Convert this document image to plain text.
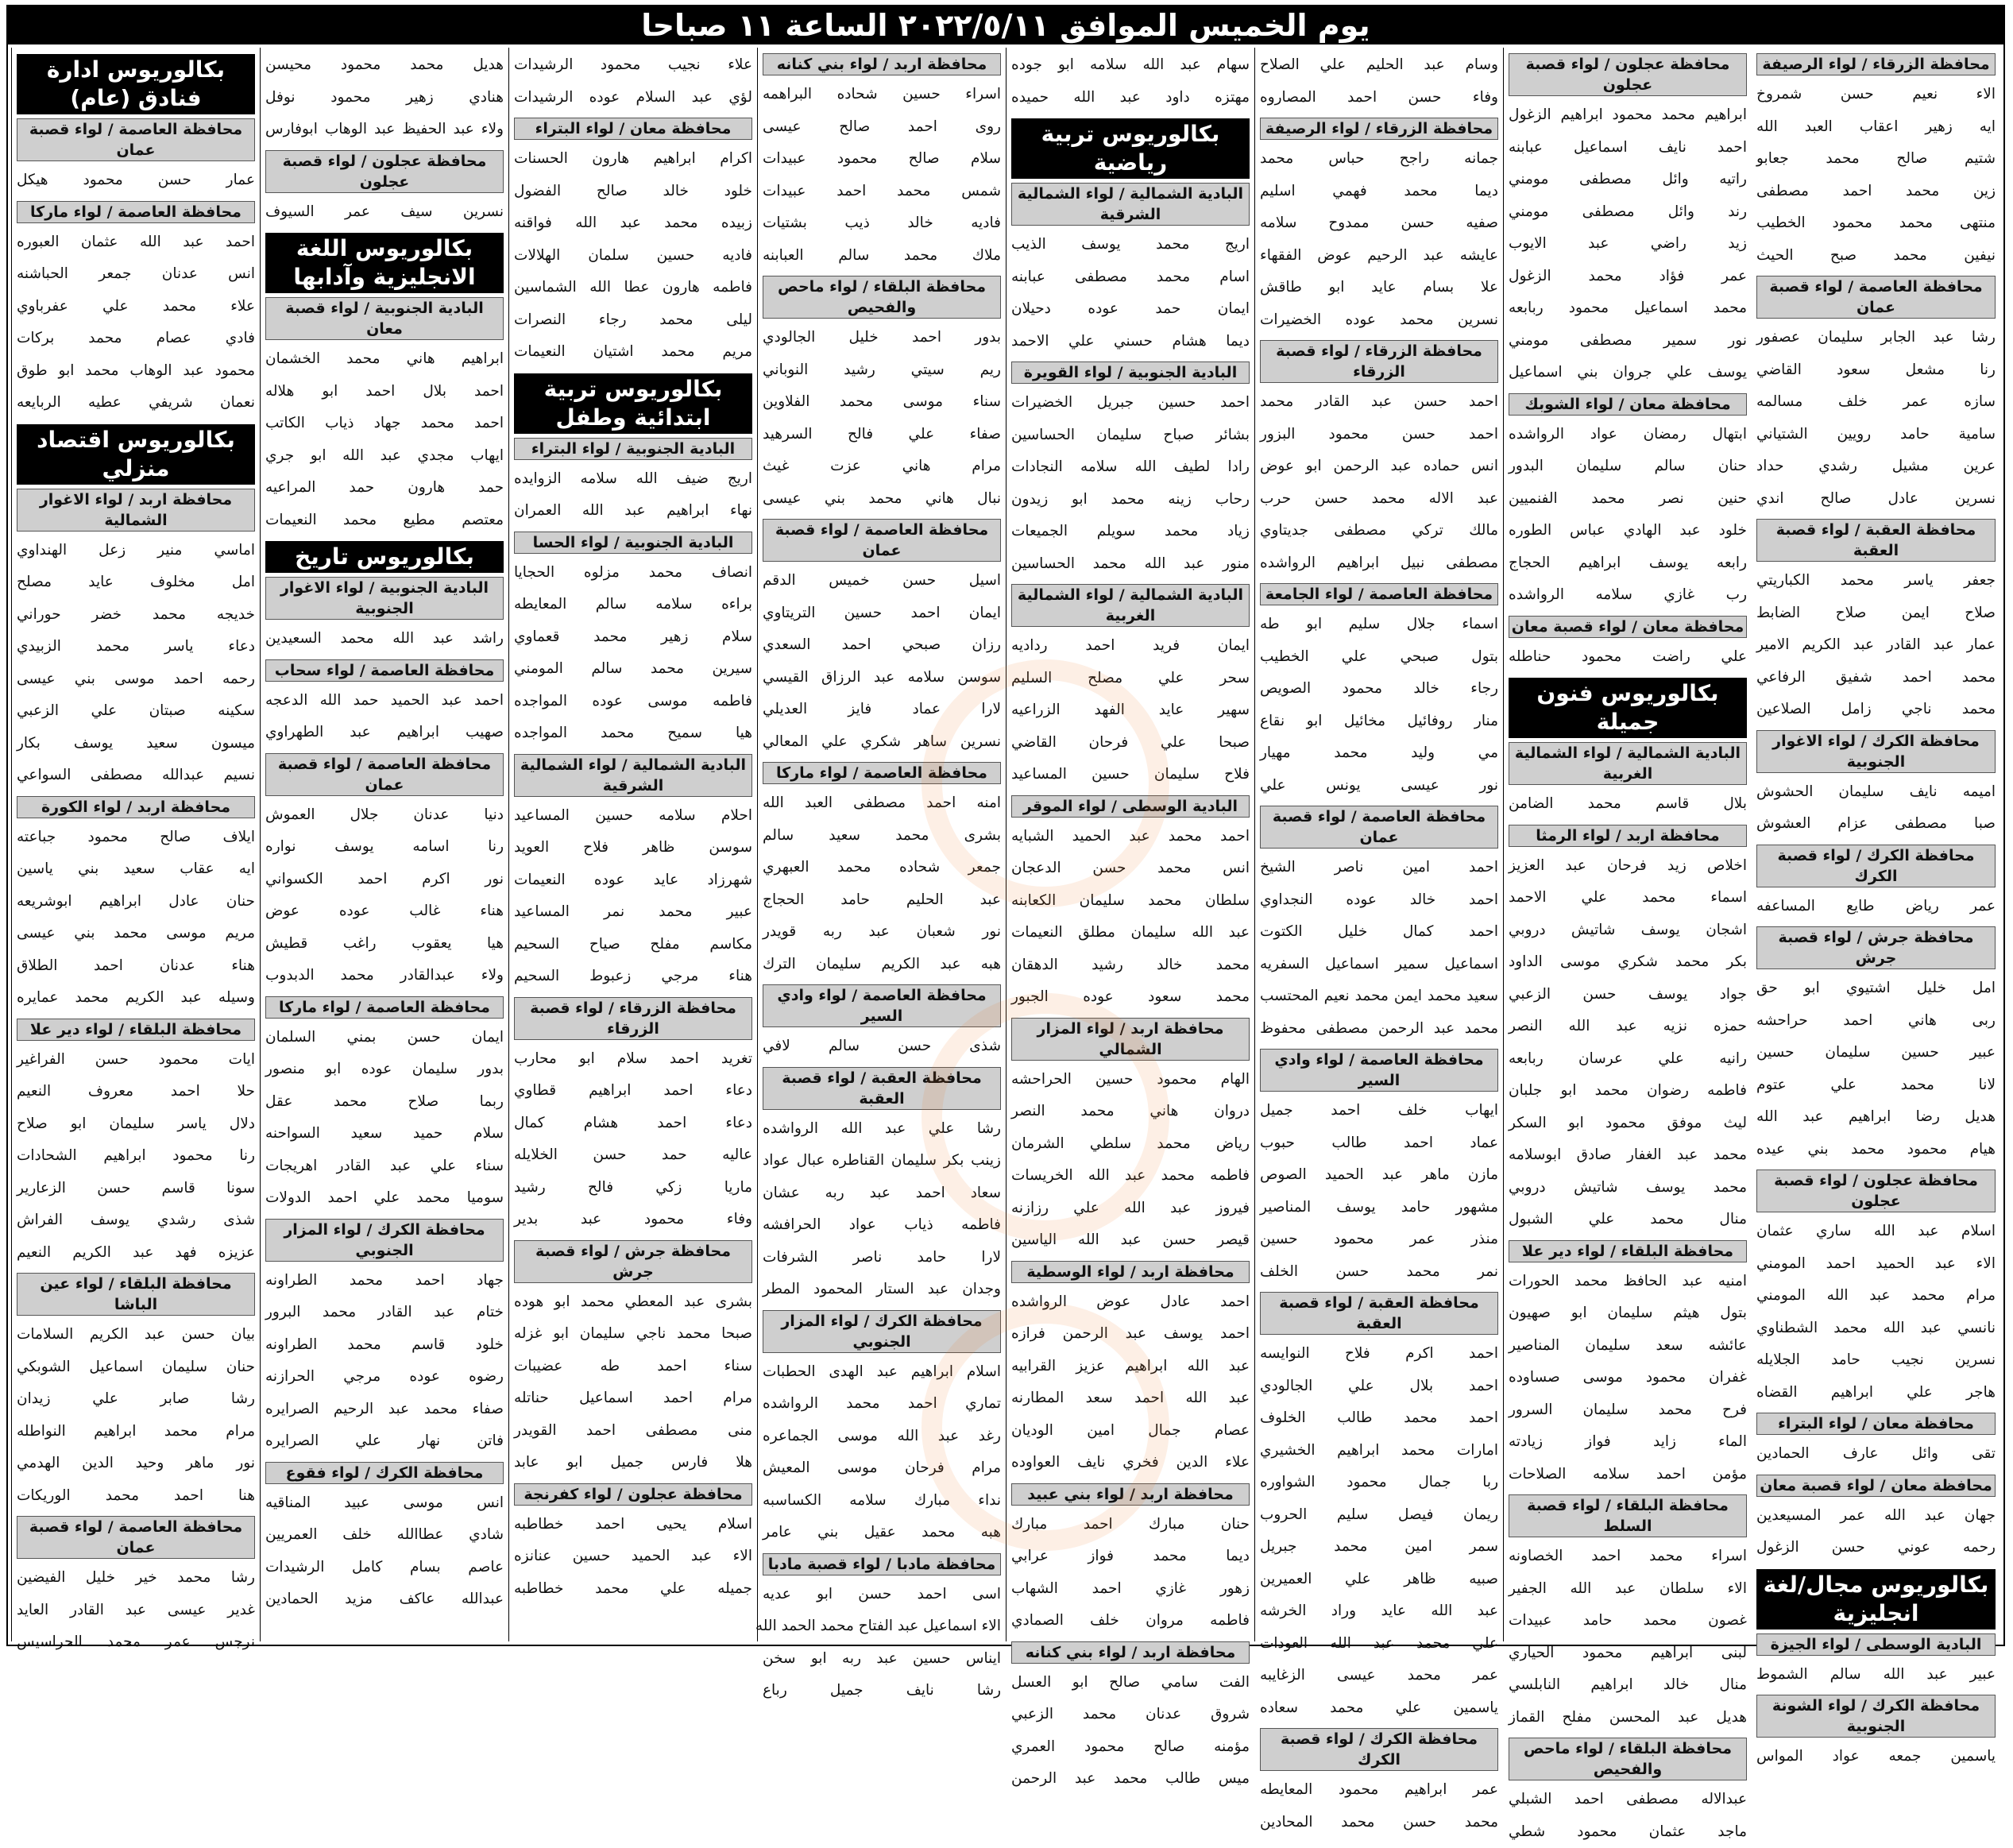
يوم الخميس الموافق ٢٠٢٢/٥/١١ الساعة ١١ صباحا
بكالوريوس ادارة فنادق (عام)
محافظة العاصمة / لواء قصبة عمان
عمار حسن محمود هيكل
محافظة العاصمة / لواء ماركا
احمد عبد الله عثمان العبوره
انس عدنان جمعر الحباشنه
علاء محمد علي عفرباوي
فادي عصام محمد بركات
محمود عبد الوهاب محمد ابو طوق
نعمان شريفي عطيه الربايعه
بكالوريوس اقتصاد منزلي
محافظة اربد / لواء الاغوار الشمالية
اماسي منير زعل الهنداوي
امل مخلوف عايد مصلح
خديجه محمد خضر حوراني
دعاء ياسر محمد الزبيدي
رحمه احمد موسى بني عيسى
سكينه صبتان علي الزعبي
ميسون سعيد يوسف بكار
نسيم عبدالله مصطفى السواعي
محافظة اربد / لواء الكورة
ايلاف صالح محمود جباعته
ايه عقاب سعيد بني ياسين
حنان عادل ابراهيم ابوشريعه
مريم موسى محمد بني عيسى
هناء عدنان احمد الطلاق
وسيله عبد الكريم محمد عمايره
محافظة البلقاء / لواء دير علا
ايات محمود حسن الفراغير
حلا احمد معروف النعيم
دلال ياسر سليمان ابو صلاح
رنا محمود ابراهيم الشحادات
سونا قاسم حسن الزعارير
شذى رشدي يوسف الفراش
عزيزه فهد عبد الكريم النعيم
محافظة البلقاء / لواء عين الباشا
بيان حسن عبد الكريم السلامات
حنان سليمان اسماعيل الشوبكي
رشا صابر علي زيدان
مرام محمد ابراهيم النواطله
نور ماهر وحيد الدين الهدمي
هنا احمد محمد الوريكات
محافظة العاصمة / لواء قصبة عمان
رشا محمد خير خليل الفيضين
غدير عيسى عبد القادر العايد
نرجس عمر محمد الحراسيس
هديل محمد محمود محيسن
هنادي زهير محمود نوفل
ولاء عبد الحفيظ عبد الوهاب ابوفارس
محافظة عجلون / لواء قصبة عجلون
نسرين سيف عمر السيوف
بكالوريوس اللغة الانجليزية وآدابها
البادية الجنوبية / لواء قصبة معان
ابراهيم هاني محمد الخشمان
احمد بلال احمد ابو هلاله
احمد محمد جهاد ذياب الكاتب
ايهاب مجدي عبد الله ابو جري
حمد هارون حمد المراعيه
معتصم مطيع محمد النعيمات
بكالوريوس تاريخ
البادية الجنوبية / لواء الاغوار الجنوبية
راشد عبد الله محمد السعيدين
محافظة العاصمة / لواء سحاب
احمد عبد الحميد حمد الله الدعجه
صهيب ابراهيم عبد الطهراوي
محافظة العاصمة / لواء قصبة عمان
دنيا عدنان جلال العموش
رنا اسامه يوسف نواره
نور اكرم احمد الكسواني
هناء غالب عوده عوض
هيا يعقوب راغب قطيش
ولاء عبدالقادر محمد الدبدوب
محافظة العاصمة / لواء ماركا
ايمان حسن بمني السلمان
بدور سليمان عوده ابو منصور
ربما صلاح محمد عقل
سلام حميد سعيد السواحنه
سناء علي عبد القادر اهريجات
سوميا محمد علي احمد الدولات
محافظة الكرك / لواء المزار الجنوبي
جهاد احمد محمد الطراونه
ختام عبد القادر محمد البرور
خلود قاسم محمد الطراونه
رضوه عوده مرجي الحرازنه
صفاء محمد عبد الرحيم الصرايره
فاتن نهار علي الصرايره
محافظة الكرك / لواء فقوع
انس موسى عبيد المناقيه
شادي عطاالله خلف العمريين
عاصم بسام كامل الرشيدات
عبدالله عاكف مزيد الحمادين
علاء نجيب محمود الرشيدات
لؤي عبد السلام عوده الرشيدات
محافظة معان / لواء البتراء
اكرام ابراهيم هارون الحسنات
خلود خالد صالح الفضول
زبيده محمد عبد الله فواقنه
فاديه حسين سلمان الهلالات
فاطمه هارون عطا الله الشماسين
ليلى محمد رجاء النصرات
مريم محمد اشتيان النعيمات
بكالوريوس تربية ابتدائية وطفل
البادية الجنوبية / لواء البتراء
اريج ضيف الله سلامه الزوايده
نهاء ابراهيم عبد الله العمران
البادية الجنوبية / لواء الحسا
انصاف محمد مزلوه الحجايا
براءه سلامه سالم المعايطه
سلام زهير محمد قعماوي
سيرين محمد سالم المومني
فاطمه موسى عوده المواجده
هيا سميح محمد المواجده
البادية الشمالية / لواء الشمالية الشرقية
احلام سلامه حسين المساعيد
سوسن ظاهر فلاح العويد
شهرزاد عايد عوده النعيمات
عبير محمد نمر المساعيد
مكاسم مفلح صياح السحيم
هناء مرجي زعبوط السحيم
محافظة الزرقاء / لواء قصبة الزرقاء
تغريد احمد سلام ابو محارب
دعاء احمد ابراهيم قطاوي
دعاء احمد هشام كمال
عاليه حمد حسن الخلايله
ماريا زكي فالح رشيد
وفاء محمود عبد بدير
محافظة جرش / لواء قصبة جرش
بشرى عبد المعطي محمد ابو هوده
صبحا محمد ناجي سليمان ابو غزله
سناء احمد طه عضيبات
مرام احمد اسماعيل حناتله
منى مصطفى احمد القويدر
هلا فارس جميل ابو عابد
محافظة عجلون / لواء كفرنجة
اسلام يحيى احمد خطاطبه
الاء عبد الحميد حسين عنانزه
جميله علي محمد خطاطبه
محافظة اربد / لواء بني كنانه
اسراء حسين شحاده البراهمه
روى احمد صالح عيسى
سلام صالح محمود عبيدات
شمس محمد احمد عبيدات
فاديه خالد ذيب بشتيات
ملاك محمد سالم العبابنه
محافظة البلقاء / لواء ماحص والفحيص
بدور احمد خليل الجالودي
ريم سيتي رشيد النوباني
سناء موسى محمد الفلاوين
صفاء علي فالح السرهيد
مرام هاني عزت غيث
نبال هاني محمد بني عيسى
محافظة العاصمة / لواء قصبة عمان
اسيل حسن خميس الدقم
ايمان احمد حسين التريتاوي
رزان صبحي احمد السعدي
سوسن سلامه عبد الرزاق القيسي
لارا عماد فايز العديلي
نسرين ساهر شكري علي المعالي
محافظة العاصمة / لواء ماركا
امنه احمد مصطفى العبد الله
بشرى محمد سعيد سالم
جمعر شحاده محمد العبهري
عبد الحليم حامد الحجاج
نور شعبان عبد ربه قويدر
هبه عبد الكريم سليمان الترك
محافظة العاصمة / لواء وادي السير
شذى حسن سالم لافي
محافظة العقبة / لواء قصبة العقبة
رشا علي عبد الله الرواشده
زينب بكر سليمان القناطره عبال عواد
سعاد احمد عبد ربه عشان
فاطمه ذياب عواد الحرافشه
لارا حامد ناصر الشرفات
وجدان عبد الستار المحمود المطر
محافظة الكرك / لواء المزار الجنوبي
اسلام ابراهيم عبد الهدى الحطبات
تماري احمد محمد الرواشده
رغد عبد الله موسى الجماعره
مرام فرحان موسى المعيش
نداء مبارك سلامه الكساسبه
هبه محمد عقيل بني عامر
محافظة مادبا / لواء قصبة مادبا
اسى احمد حسن ابو عديه
الاء اسماعيل عبد الفتاح محمد الحمد الله
ايناس حسين عبد ربه ابو سخن
رشا نايف جميل رباع
سهام عبد الله سلامه ابو جوده
مهتزه داود عبد الله حميده
بكالوريوس تربية رياضية
البادية الشمالية / لواء الشمالية الشرقية
اريج محمد يوسف الذيب
اسام محمد مصطفى عبابنه
ايمان حمد عوده دحيلان
ديما هشام حسني علي الاحمد
البادية الجنوبية / لواء القويرة
احمد حسين جبريل الخضيرات
بشائر صباح سليمان الحساسين
رادا لطيف الله سلامه النجادات
رحاب زينه محمد ابو زيدون
زياد محمد سويلم الجميعات
منور عبد الله محمد الحساسين
البادية الشمالية / لواء الشمالية الغربية
ايمان فريد احمد رداديه
سحر علي مصلح السليم
سهير عايد الفهد الزراعيه
صبحا علي فرحان القاضي
فلاح سليمان حسين المساعيد
البادية الوسطى / لواء الموقر
احمد محمد عبد الحميد الشبايه
انس محمد حسن الدعجان
سلطان محمد سليمان الكعابنه
عبد الله سليمان مطلق النعيمات
محمد خالد رشيد الدهقان
محمد سعود عوده الجبور
محافظة اربد / لواء المزار الشمالي
الهام محمود حسين الحراحشه
دروان هاني محمد النصر
رياض محمد سلطي الشرمان
فاطمه محمد عبد الله الخريسات
فيروز عبد الله علي رزازنه
قيصر حسن عبد الله الياسين
محافظة اربد / لواء الوسطية
احمد عادل عوض الرواشده
احمد يوسف عبد الرحمن فرازه
عبد الله ابراهيم عزيز القرابيه
عبد الله احمد سعد المطارنه
عصام جمال امين الوديان
علاء الدين فخري نايف العواوده
محافظة اربد / لواء بني عبيد
حنان مبارك احمد مبارك
ديما محمد فواز عرابي
زهور غازي احمد الشهاب
فاطمه مروان خلف الصمادي
محافظة اربد / لواء بني كنانه
الفت سامي صالح ابو العسل
شروق عدنان محمد الزعبي
مؤمنه صالح محمود العمري
ميس طالب محمد عبد الرحمن
وسام عبد الحليم علي الصلاح
وفاء حسن احمد المصاروه
محافظة الزرقاء / لواء الرصيفة
جمانه راجح حباس محمد
ديما محمد فهمي اسليم
صفيه حسن ممدوح سلامه
عايشه عبد الرحيم عوض الفقهاء
علا بسام عايد ابو طاقش
نسرين محمد عوده الخضيرات
محافظة الزرقاء / لواء قصبة الزرقاء
احمد حسن عبد القادر محمد
احمد حسن محمود البزور
انس حماده عبد الرحمن ابو عوض
عبد الاله محمد حسن حرب
مالك تركي مصطفى جديتاوي
مصطفى نبيل ابراهيم الرواشده
محافظة العاصمة / لواء الجامعة
اسماء جلال سليم ابو طه
بتول صبحي علي الخطيب
رجاء خالد محمود الصويص
منار روفائيل مخائيل ابو نقاع
مي وليد محمد مهيار
نور عيسى يونس علي
محافظة العاصمة / لواء قصبة عمان
احمد امين ناصر الشيخ
احمد خالد عوده النجداوي
احمد كمال خليل الكتوت
اسماعيل سمير اسماعيل السفريه
سعيد محمد ايمن محمد نعيم المحتسب
محمد عبد الرحمن مصطفى محفوظ
محافظة العاصمة / لواء وادي السير
ايهاب خلف احمد جميل
عماد احمد طالب حبوب
مازن ماهر عبد الحميد الصوص
مشهور حامد يوسف المناصير
منذر عمر محمود حسين
نمر محمد حسن الخلف
محافظة العقبة / لواء قصبة العقبة
احمد اكرم فلاح النوايسه
احمد بلال علي الجالودي
احمد محمد طالب الخلوف
امارات محمد ابراهيم الخشيري
ربا جمال محمود الشواوره
ريمان فيصل سليم الحروب
سمر امين محمد جبريل
صبيه ظاهر علي العميرين
عبد الله عايد وراد الخرشه
علي محمد عبد الله العودات
عمر محمد عيسى الزغايبه
ياسمين علي محمد سعاده
محافظة الكرك / لواء قصبة الكرك
عمر ابراهيم محمود المعايطه
محمد حسن محمد المحادين
محافظة عجلون / لواء قصبة عجلون
ابراهيم محمد محمود ابراهيم الزغول
احمد نايف اسماعيل عبابنه
راتيه وائل مصطفى مومني
رند وائل مصطفى مومني
زيد راضي عبد الايوب
عمر فؤاد محمد الزغول
محمد اسماعيل محمود ربابعه
نور سمير مصطفى مومني
يوسف علي جروان بني اسماعيل
محافظة معان / لواء الشوبك
ابتهال رمضان عواد الرواشده
حنان سالم سليمان البدور
حنين نصر محمد الفنميين
خلود عبد الهادي عباس الطوره
رابعه يوسف ابراهيم الحجاج
رب غازي سلامه الرواشده
محافظة معان / لواء قصبة معان
علي راضت محمود حناطله
بكالوريوس فنون جميلة
البادية الشمالية / لواء الشمالية الغربية
بلال قاسم محمد الضامن
محافظة اربد / لواء الرمثا
اخلاص زيد فرحان عبد العزيز
اسماء محمد علي الاحمد
اشجان يوسف شاتيش دروبي
بكر محمد شكري موسى الداود
جواد يوسف حسن الزعبي
حمزه نزيه عبد الله النصر
رانيه علي عرسان ربابعه
فاطمه رضوان محمد ابو جلبان
ليث موفق محمود ابو السكر
محمد عبد الغفار صادق ابوسلامه
محمد يوسف شاتيش دروبي
منال محمد علي الشبول
محافظة البلقاء / لواء دير علا
امنيه عبد الحافظ محمد الحورات
بتول هيثم سليمان ابو صهيون
عائشه سعد سليمان المناصير
غفران محمود موسى صساوده
فرح محمد سليمان السرور
الماء زايد فواز زيادته
مؤمن احمد سلامه الصلاحات
محافظة البلقاء / لواء قصبة السلط
اسراء محمد احمد الخصاونه
الاء سلطان عبد الله الجفير
غصون محمد حامد عبيدات
لبنى ابراهيم محمود الحياري
منال خالد ابراهيم النابلسي
هديل عبد المحسن مفلح القماز
محافظة البلقاء / لواء ماحص والفحيص
عبدالاله مصطفى احمد الشبلي
ماجد عثمان محمود شطي
محافظة الزرقاء / لواء الرصيفة
الاء نعيم حسن شمروخ
ايه زهير اعقاب العبد الله
شتيم صالح محمد جعابو
زين محمد احمد مصطفى
منتهى محمد محمود الخطيب
نيفين محمد صبح الحيث
محافظة العاصمة / لواء قصبة عمان
رشا عبد الجابر سليمان عصفور
رنا مشعل سعود القاضي
سازه عمر خلف مسالمه
سامية حامد رويين الشتياني
عرين مشيل رشدي حداد
نسرين عادل صالح اندي
محافظة العقبة / لواء قصبة العقبة
جعفر ياسر محمد الكباريتي
صلاح ايمن صلاح الضابط
عمار عبد القادر عبد الكريم الامير
محمد احمد شفيق الرفاعي
محمد ناجي زامل الصلاعين
محافظة الكرك / لواء الاغوار الجنوبية
اميمه نايف سليمان الحشوش
صبا مصطفى عزام العشوش
محافظة الكرك / لواء قصبة الكرك
عمر رياض طايع المساعفه
محافظة جرش / لواء قصبة جرش
امل خليل اشتيوي ابو حق
ربى هاني احمد حراحشه
عبير حسين سليمان حسين
لانا محمد علي عتوم
هديل رضا ابراهيم عبد الله
هيام محمود محمد بني عيده
محافظة عجلون / لواء قصبة عجلون
اسلام عبد الله ساري عثمان
الاء عبد الحميد احمد المومني
مرام محمد عبد الله المومني
نانسي عبد الله محمد الشطناوي
نسرين نجيب حامد الجلايله
هاجر علي ابراهيم القضاه
محافظة معان / لواء البتراء
تقى وائل عارف الحمادين
محافظة معان / لواء قصبة معان
جهان عبد الله عمر المسيعدين
رحمه عوني حسن الزغول
بكالوريوس مجال/لغة انجليزية
البادية الوسطى / لواء الجيزة
عبير عبد الله سالم الشموط
محافظة الكرك / لواء الشونة الجنوبية
ياسمين جمعه عواد المواس
